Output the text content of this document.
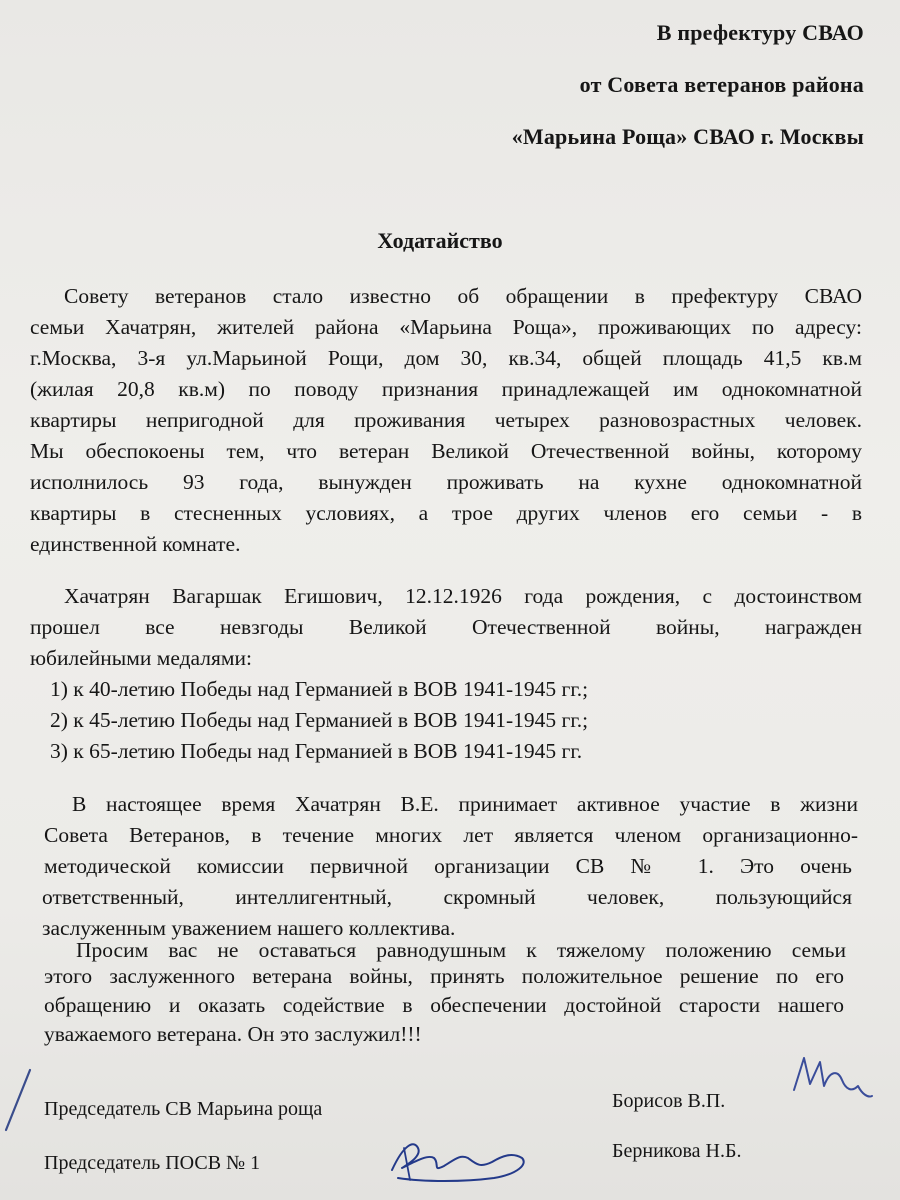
В префектуру СВАО
от Совета ветеранов района
«Марьина Роща» СВАО г. Москвы
Ходатайство
Совету ветеранов стало известно об обращении в префектуру СВАО
семьи Хачатрян, жителей района «Марьина Роща», проживающих по адресу:
г.Москва, 3-я ул.Марьиной Рощи, дом 30, кв.34, общей площадь 41,5 кв.м
(жилая 20,8 кв.м) по поводу признания принадлежащей им однокомнатной
квартиры непригодной для проживания четырех разновозрастных человек.
Мы обеспокоены тем, что ветеран Великой Отечественной войны, которому
исполнилось 93 года, вынужден проживать на кухне однокомнатной
квартиры в стесненных условиях, а трое других членов его семьи - в
единственной комнате.
Хачатрян Вагаршак Егишович, 12.12.1926 года рождения, с достоинством
прошел все невзгоды Великой Отечественной войны, награжден
юбилейными медалями:
1) к 40-летию Победы над Германией в ВОВ 1941-1945 гг.;
2) к 45-летию Победы над Германией в ВОВ 1941-1945 гг.;
3) к 65-летию Победы над Германией в ВОВ 1941-1945 гг.
В настоящее время Хачатрян В.Е. принимает активное участие в жизни
Совета Ветеранов, в течение многих лет является членом организационно-
методической комиссии первичной организации СВ № 1. Это очень
ответственный, интеллигентный, скромный человек, пользующийся
заслуженным уважением нашего коллектива.
Просим вас не оставаться равнодушным к тяжелому положению семьи
этого заслуженного ветерана войны, принять положительное решение по его
обращению и оказать содействие в обеспечении достойной старости нашего
уважаемого ветерана. Он это заслужил!!!
Председатель СВ Марьина роща	Борисов В.П.
Председатель ПОСВ № 1
Берникова Н.Б.
